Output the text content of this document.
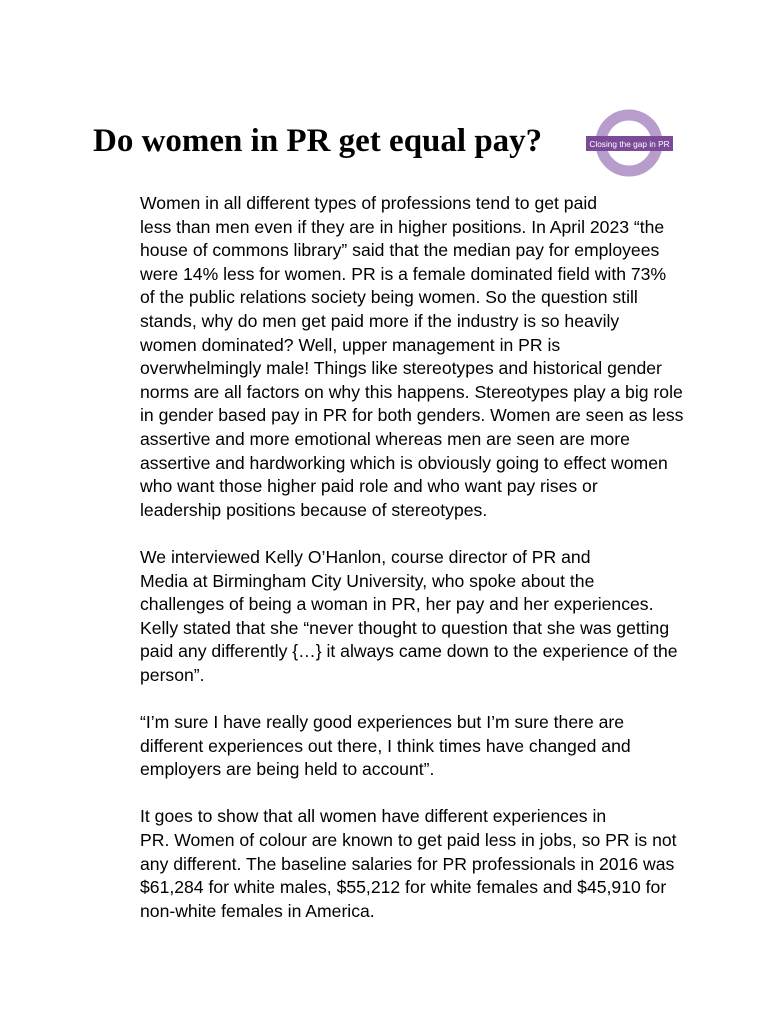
Do women in PR get equal pay?	Closing the gap in PR

Women in all different types of professions tend to get paid
less than men even if they are in higher positions. In April 2023 “the
house of commons library” said that the median pay for employees
were 14% less for women. PR is a female dominated field with 73%
of the public relations society being women. So the question still
stands, why do men get paid more if the industry is so heavily
women dominated? Well, upper management in PR is
overwhelmingly male! Things like stereotypes and historical gender
norms are all factors on why this happens. Stereotypes play a big role
in gender based pay in PR for both genders. Women are seen as less
assertive and more emotional whereas men are seen are more
assertive and hardworking which is obviously going to effect women
who want those higher paid role and who want pay rises or
leadership positions because of stereotypes.

We interviewed Kelly O’Hanlon, course director of PR and
Media at Birmingham City University, who spoke about the
challenges of being a woman in PR, her pay and her experiences.
Kelly stated that she “never thought to question that she was getting
paid any differently {…} it always came down to the experience of the
person”.

“I’m sure I have really good experiences but I’m sure there are
different experiences out there, I think times have changed and
employers are being held to account”.

It goes to show that all women have different experiences in
PR. Women of colour are known to get paid less in jobs, so PR is not
any different. The baseline salaries for PR professionals in 2016 was
$61,284 for white males, $55,212 for white females and $45,910 for
non-white females in America.
